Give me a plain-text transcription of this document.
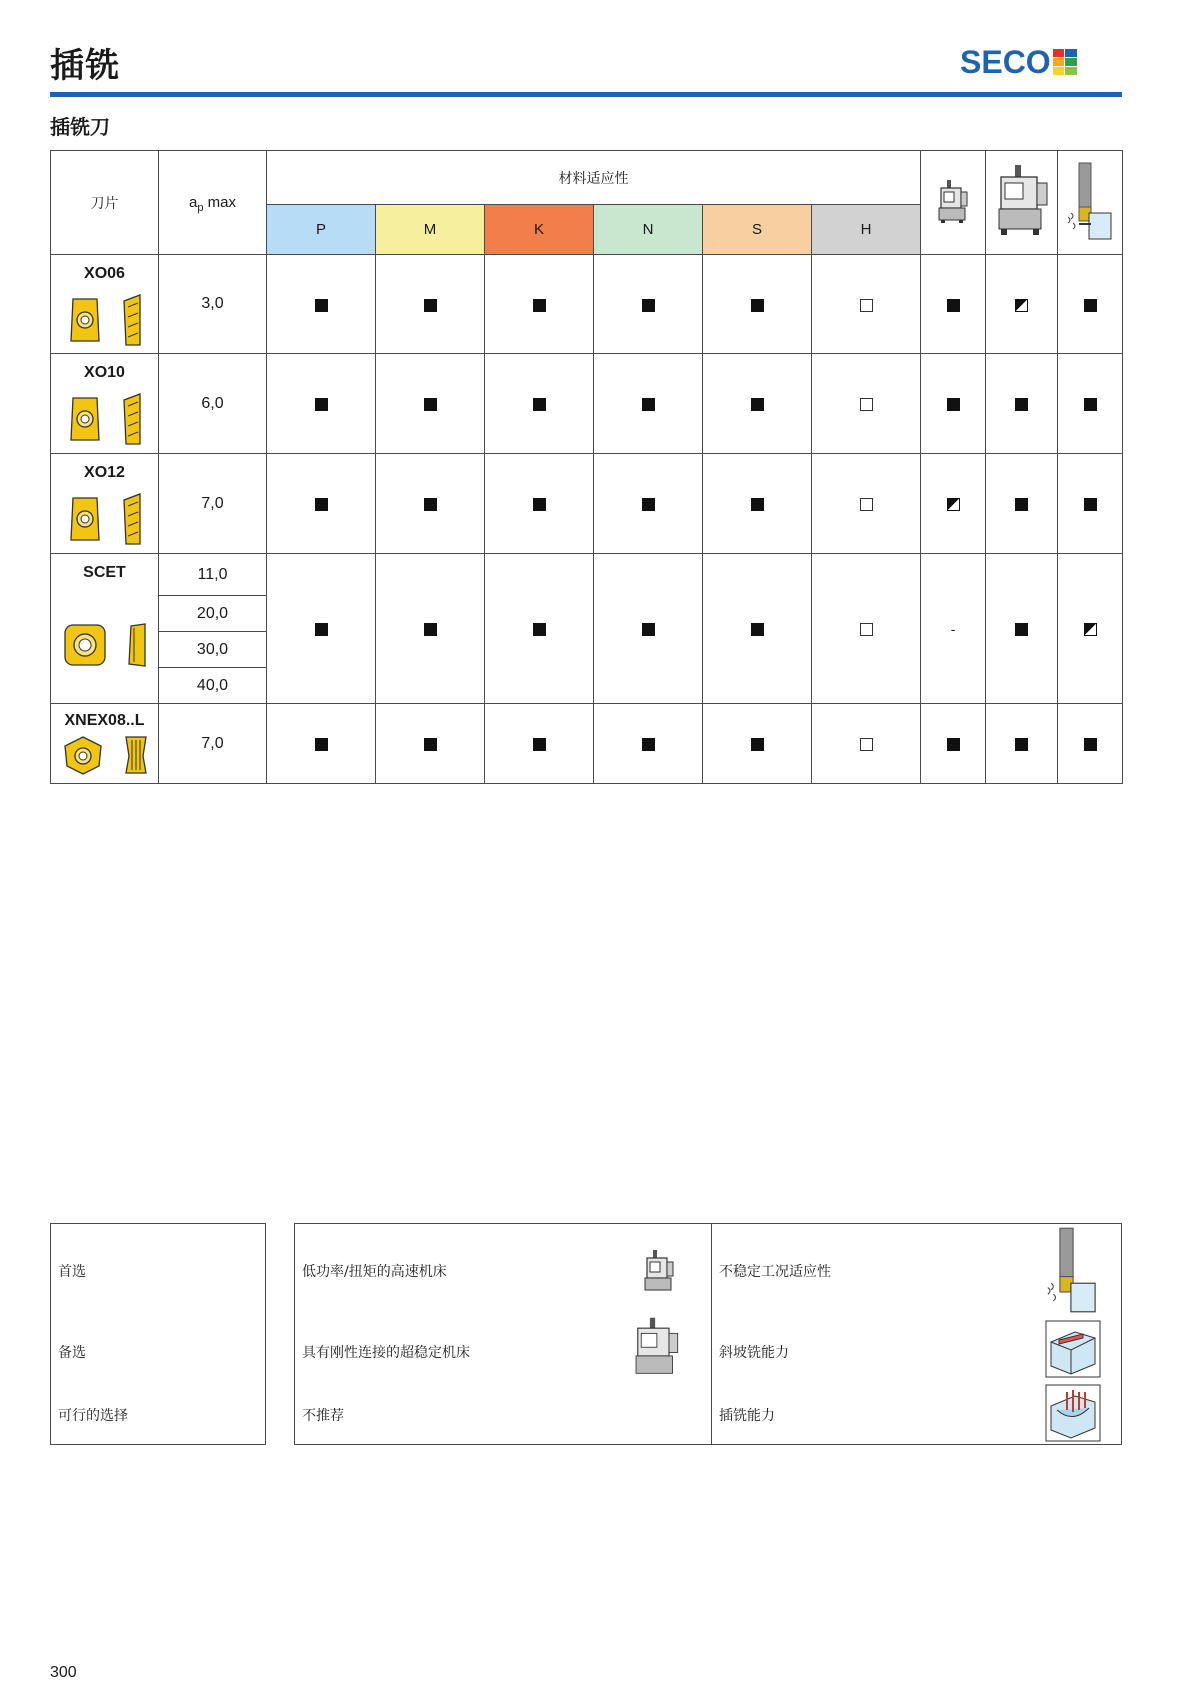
插铣	SECO
插铣刀
刀片	$a_p$ max	材料适应性			
		P	M	K	N	S	H			

XO06	3,0									

XO10	6,0									

XO12	7,0									

SCET	11,0							-		
	20,0									
	30,0									
	40,0									

XNEX08..L	7,0									
首选
备选
可行的选择
低功率/扭矩的高速机床
具有刚性连接的超稳定机床
不推荐
不稳定工况适应性
斜坡铣能力
插铣能力
300
